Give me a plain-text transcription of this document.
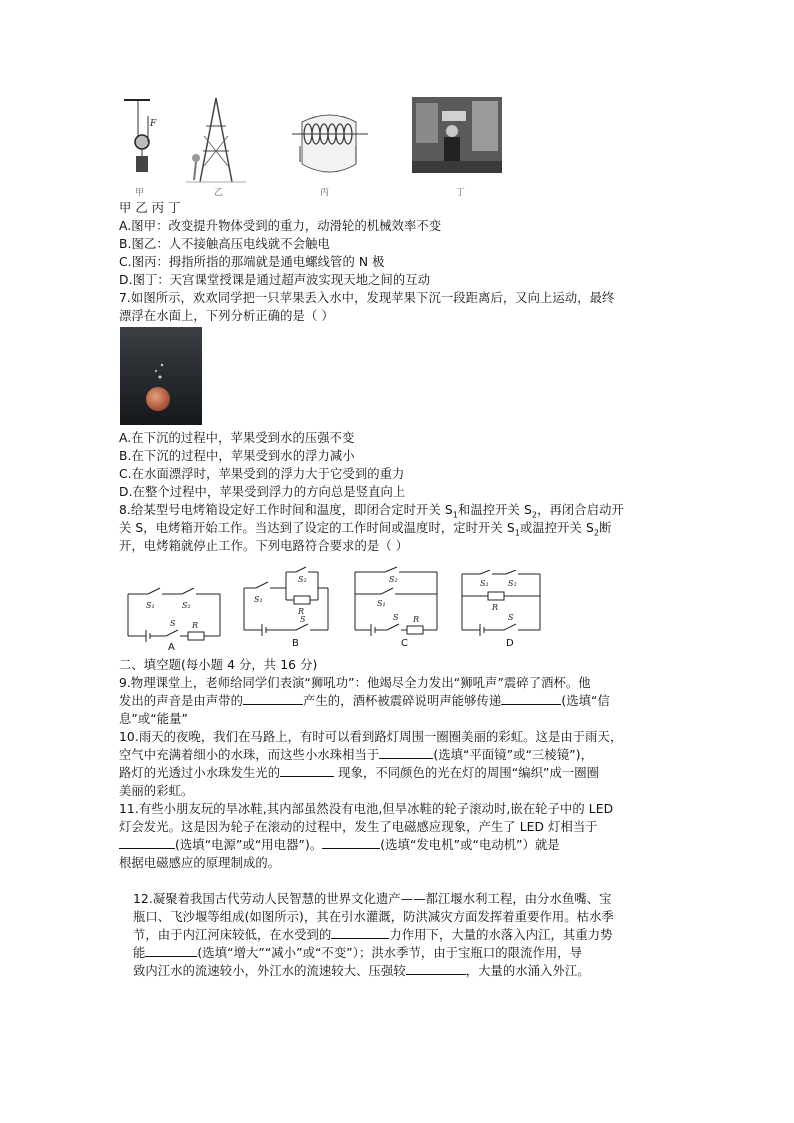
F
甲	乙	丙	丁
甲 乙 丙 丁
A.图甲：改变提升物体受到的重力，动滑轮的机械效率不变
B.图乙：人不接触高压电线就不会触电
C.图丙：拇指所指的那端就是通电螺线管的 N 极
D.图丁：天宫课堂授课是通过超声波实现天地之间的互动
7.如图所示，欢欢同学把一只苹果丢入水中，发现苹果下沉一段距离后，又向上运动，最终
漂浮在水面上，下列分析正确的是（ ）
A.在下沉的过程中，苹果受到水的压强不变
B.在下沉的过程中，苹果受到水的浮力减小
C.在水面漂浮时，苹果受到的浮力大于它受到的重力
D.在整个过程中，苹果受到浮力的方向总是竖直向上
8.给某型号电烤箱设定好工作时间和温度，即闭合定时开关 $S_1$和温控开关 $S_2$，再闭合启动开
关 S，电烤箱开始工作。当达到了设定的工作时间或温度时，定时开关 $S_1$或温控开关 $S_2$断
开，电烤箱就停止工作。下列电路符合要求的是（ ）
S₁	S₂
S R
S₁
S₂
R
S
S₂
S₁
S R
S₁ S₂
R
S
A	B	C	D
二、填空题(每小题 4 分，共 16 分)
9.物理课堂上，老师给同学们表演“狮吼功”：他竭尽全力发出“狮吼声”震碎了酒杯。他
发出的声音是由声带的	产生的，酒杯被震碎说明声能够传递	(选填“信
息”或“能量”
10.雨天的夜晚，我们在马路上，有时可以看到路灯周围一圈圈美丽的彩虹。这是由于雨天，
空气中充满着细小的水珠，而这些小水珠相当于	(选填“平面镜”或“三棱镜”)，
路灯的光透过小水珠发生光的	现象，不同颜色的光在灯的周围“编织”成一圈圈
美丽的彩虹。
11.有些小朋友玩的旱冰鞋,其内部虽然没有电池,但旱冰鞋的轮子滚动时,嵌在轮子中的 LED
灯会发光。这是因为轮子在滚动的过程中，发生了电磁感应现象，产生了 LED 灯相当于
(选填“电源”或“用电器”)。	(选填“发电机”或“电动机”）就是
根据电磁感应的原理制成的。
12.凝聚着我国古代劳动人民智慧的世界文化遗产——都江堰水利工程，由分水鱼嘴、宝
瓶口、飞沙堰等组成(如图所示)，其在引水灌溉，防洪减灾方面发挥着重要作用。枯水季
节，由于内江河床较低，在水受到的	力作用下，大量的水落入内江，其重力势
能	(选填“增大”“减小”或“不变”）；洪水季节，由于宝瓶口的限流作用，导
致内江水的流速较小，外江水的流速较大、压强较	，大量的水涌入外江。
